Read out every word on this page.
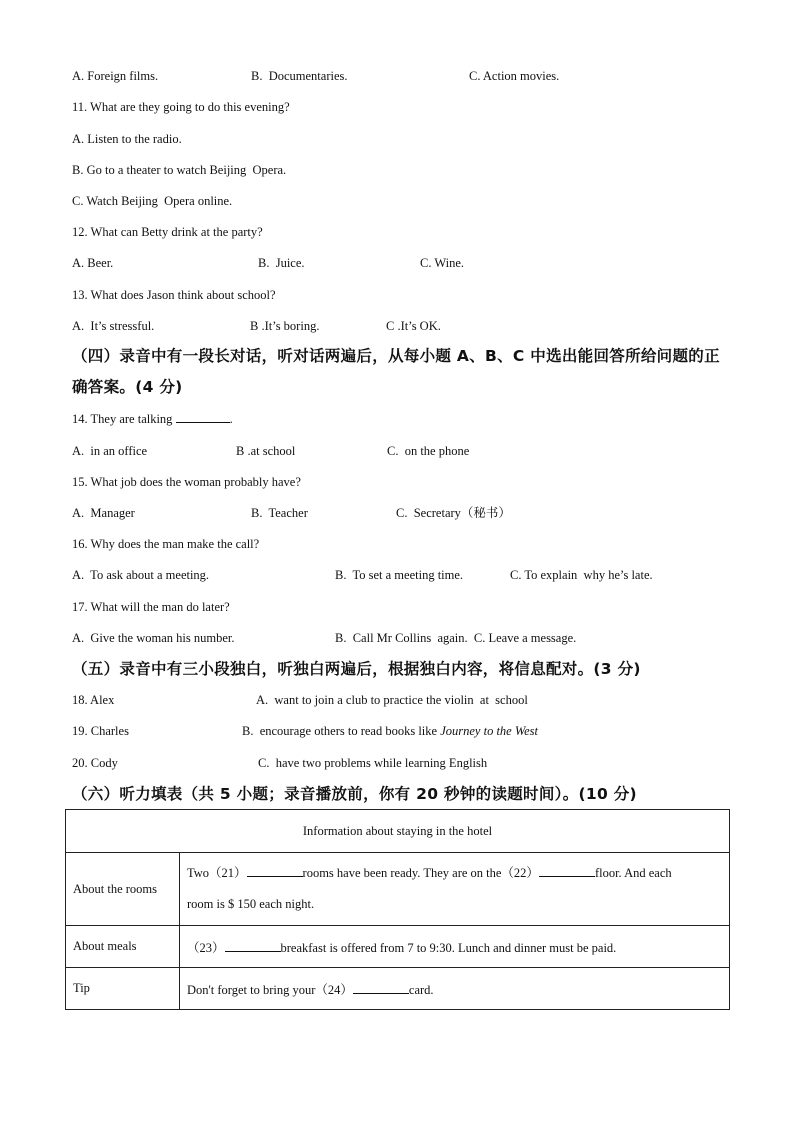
A. Foreign films.	B.  Documentaries.	C. Action movies.
11. What are they going to do this evening?
A. Listen to the radio.
B. Go to a theater to watch Beijing  Opera.
C. Watch Beijing  Opera online.
12. What can Betty drink at the party?
A. Beer.	B.  Juice.	C. Wine.
13. What does Jason think about school?
A.  It’s stressful.	B .It’s boring.	C .It’s OK.
（四）录音中有一段长对话，听对话两遍后，从每小题 A、B、C 中选出能回答所给问题的正
确答案。(4 分)
14. They are talking	.
A.  in an office	B .at school	C.  on the phone
15. What job does the woman probably have?
A.  Manager	B.  Teacher	C.  Secretary（秘书）
16. Why does the man make the call?
A.  To ask about a meeting.	B.  To set a meeting time.	C. To explain  why he’s late.
17. What will the man do later?
A.  Give the woman his number.	B.  Call Mr Collins  again.  C. Leave a message.
（五）录音中有三小段独白，听独白两遍后，根据独白内容，将信息配对。(3 分)
18. Alex	A.  want to join a club to practice the violin  at  school
19. Charles	B.  encourage others to read books like Journey to the West
20. Cody	C.  have two problems while learning English
（六）听力填表（共 5 小题；录音播放前，你有 20 秒钟的读题时间）。(10 分)
Information about staying in the hotel	
About the rooms	Two（21） rooms have been ready. They are on the（22） floor. And each
room is $ 150 each night.

About meals	（23） breakfast is offered from 7 to 9:30. Lunch and dinner must be paid.
Tip	Don't forget to bring your（24） card.
